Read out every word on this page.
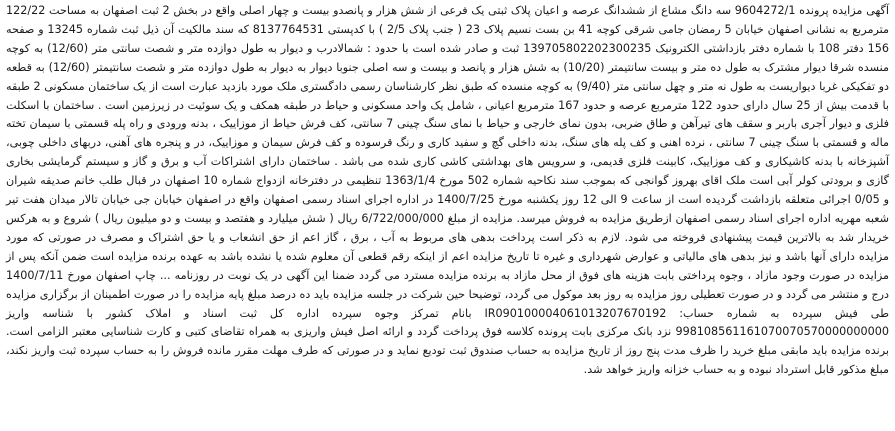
آگهی مزایده پرونده 9604272/1 سه دانگ مشاع از ششدانگ عرصه و اعیان پلاک ثبتی یک فرعی از شش هزار و پانصدو بیست و چهار اصلی واقع در بخش 2 ثبت اصفهان به مساحت 122/22 مترمربع به نشانی اصفهان خیابان 5 رمضان جامی شرقی کوچه 41 بن بست نسیم پلاک 23 ( جنب پلاک 2/5 ) با کدپستی 8137764531 که سند مالکیت آن ذیل ثبت شماره 13245 و صفحه 156 دفتر 108 با شماره دفتر بازداشتی الکترونیک 139705802202300235 ثبت و صادر شده است با حدود : شمالادرب و دیوار به طول دوازده متر و شصت سانتی متر (12/60) به کوچه منسده شرقا دیوار مشترک به طول ده متر و بیست سانتیمتر (10/20) به شش هزار و پانصد و بیست و سه اصلی جنوبا دیوار به دیوار به طول دوازده متر و شصت سانتیمتر (12/60) به قطعه دو تفکیکی غربا دیواریست به طول نه متر و چهل سانتی متر (9/40) به کوچه منسده که طبق نظر کارشناسان رسمی دادگستری ملک مورد بازدید عبارت است از یک ساختمان مسکونی 2 طبقه با قدمت بیش از 25 سال دارای حدود 122 مترمربع عرصه و حدود 167 مترمربع اعیانی ، شامل یک واحد مسکونی و حیاط در طبقه همکف و یک سوئیت در زیرزمین است . ساختمان با اسکلت فلزی و دیوار آجری باربر و سقف های تیرآهن و طاق ضربی، بدون نمای خارجی و حیاط با نمای سنگ چینی 7 سانتی، کف فرش حیاط از موزاییک ، بدنه ورودی و راه پله قسمتی با سیمان تخته ماله و قسمتی با سنگ چینی 7 سانتی ، نرده اهنی و کف پله های سنگ، بدنه داخلی گچ و سفید کاری و رنگ قرسوده و کف فرش سیمان و موزاییک، در و پنجره های آهنی، دربهای داخلی چوبی، آشپزخانه با بدنه کاشیکاری و کف موزاییک، کابینت فلزی قدیمی، و سرویس های بهداشتی کاشی کاری شده می باشد . ساختمان دارای اشتراکات آب و برق و گاز و سیستم گرمایشی بخاری گازی و برودتی کولر آبی است ملک اقای بهروز گوانجی که بموجب سند نکاحیه شماره 502 مورخ 1363/1/4 تنظیمی در دفترخانه ازدواج شماره 10 اصفهان در قبال طلب خانم صدیقه شیران و 0/05 اجرائی متعلقه بازداشت گردیده است از ساعت 9 الی 12 روز یکشنبه مورخ 1400/7/25 در اداره اجرای اسناد رسمی اصفهان واقع در اصفهان خیابان جی خیابان تالار میدان هفت تیر شعبه مهریه اداره اجرای اسناد رسمی اصفهان ازطریق مزایده به فروش میرسد. مزایده از مبلغ 6/722/000/000 ریال ( شش میلیارد و هفتصد و بیست و دو میلیون ریال ) شروع و به هرکس خریدار شد به بالاترین قیمت پیشنهادی فروخته می شود. لازم به ذکر است پرداخت بدهی های مربوط به آب ، برق ، گاز اعم از حق انشعاب و یا حق اشتراک و مصرف در صورتی که مورد مزایده دارای آنها باشد و نیز بدهی های مالیاتی و عوارض شهرداری و غیره تا تاریخ مزایده اعم از اینکه رقم قطعی آن معلوم شده یا نشده باشد به عهده برنده مزایده است ضمن آنکه پس از مزایده در صورت وجود مازاد ، وجوه پرداختی بابت هزینه های فوق از محل مازاد به برنده مزایده مسترد می گردد ضمنا این آگهی در یک نوبت در روزنامه ... چاپ اصفهان مورخ 1400/7/11 درج و منتشر می گردد و در صورت تعطیلی روز مزایده به روز بعد موکول می گردد، توضیحا حین شرکت در جلسه مزایده باید ده درصد مبلغ پایه مزایده را در صورت اطمینان از برگزاری مزایده طی فیش سپرده به شماره حساب: IR090100004061013207670192 بانام تمرکز وجوه سپرده اداره کل ثبت اسناد و املاک کشور با شناسه واریز 998108561161070070570000000000 نزد بانک مرکزی بابت پرونده کلاسه فوق پرداخت گردد و ارائه اصل فیش واریزی به همراه تقاضای کتبی و کارت شناسایی معتبر الزامی است. برنده مزایده باید مابقی مبلغ خرید را ظرف مدت پنج روز از تاریخ مزایده به حساب صندوق ثبت تودیع نماید و در صورتی که طرف مهلت مقرر مانده فروش را به حساب سپرده ثبت واریز نکند، مبلغ مذکور قابل استرداد نبوده و به حساب خزانه واریز خواهد شد.
